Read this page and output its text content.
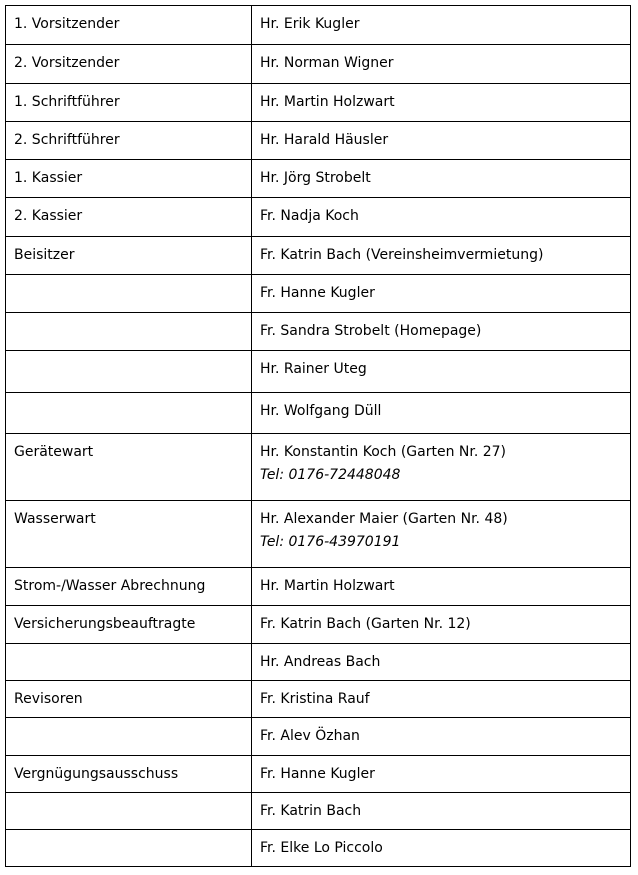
1. Vorsitzender	Hr. Erik Kugler
2. Vorsitzender	Hr. Norman Wigner
1. Schriftführer	Hr. Martin Holzwart
2. Schriftführer	Hr. Harald Häusler
1. Kassier	Hr. Jörg Strobelt
2. Kassier	Fr. Nadja Koch
Beisitzer	Fr. Katrin Bach (Vereinsheimvermietung)
	Fr. Hanne Kugler
	Fr. Sandra Strobelt (Homepage)
	Hr. Rainer Uteg
	Hr. Wolfgang Düll
Gerätewart	Hr. Konstantin Koch (Garten Nr. 27)
Tel: 0176-72448048

Wasserwart	Hr. Alexander Maier (Garten Nr. 48)
Tel: 0176-43970191

Strom-/Wasser Abrechnung	Hr. Martin Holzwart
Versicherungsbeauftragte	Fr. Katrin Bach (Garten Nr. 12)
	Hr. Andreas Bach
Revisoren	Fr. Kristina Rauf
	Fr. Alev Özhan
Vergnügungsausschuss	Fr. Hanne Kugler
	Fr. Katrin Bach
	Fr. Elke Lo Piccolo
